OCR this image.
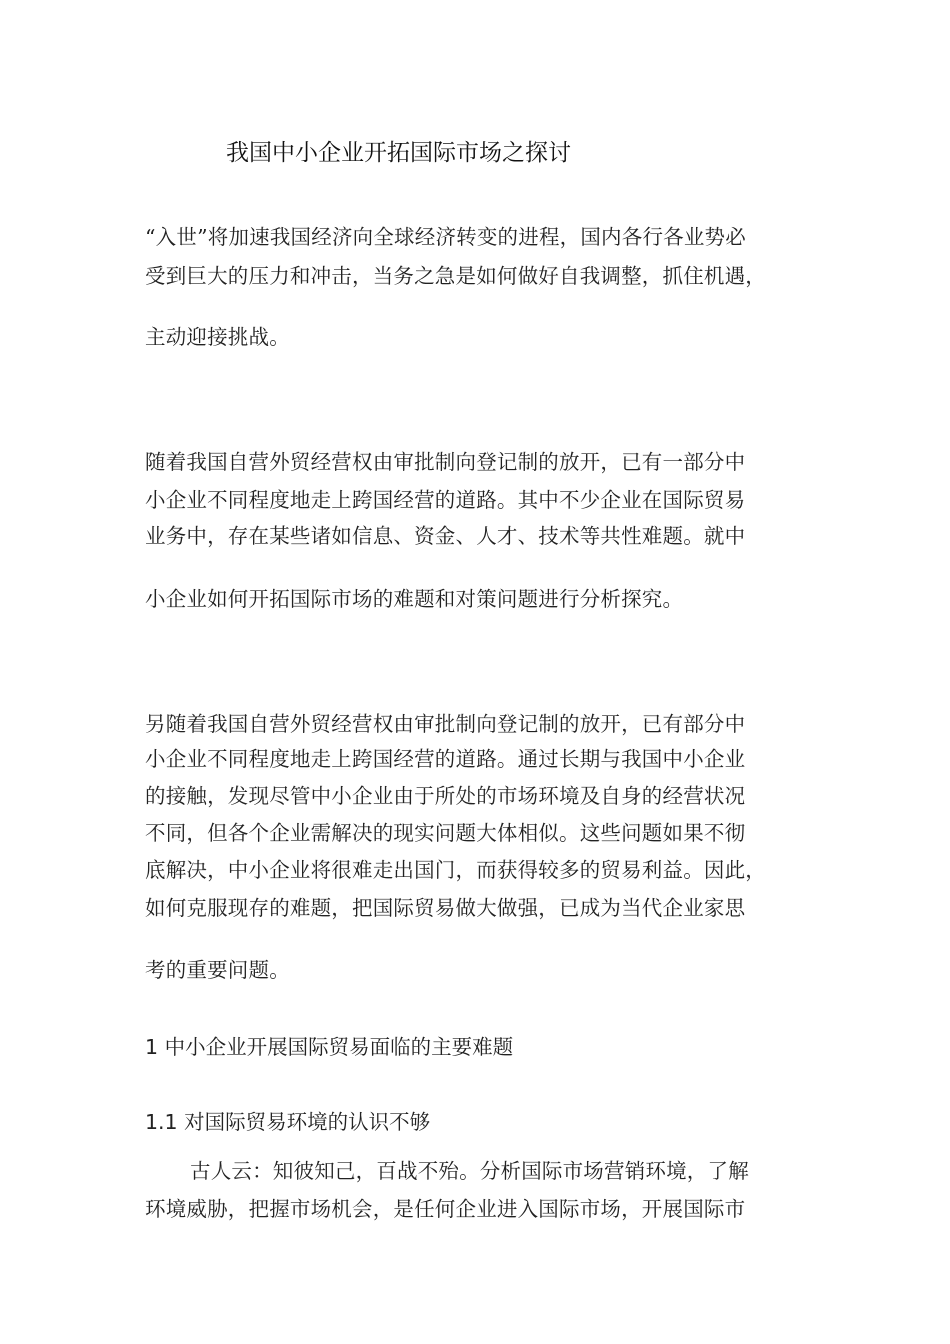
我国中小企业开拓国际市场之探讨
“入世”将加速我国经济向全球经济转变的进程，国内各行各业势必
受到巨大的压力和冲击，当务之急是如何做好自我调整，抓住机遇，
主动迎接挑战。
随着我国自营外贸经营权由审批制向登记制的放开，已有一部分中
小企业不同程度地走上跨国经营的道路。其中不少企业在国际贸易
业务中，存在某些诸如信息、资金、人才、技术等共性难题。就中
小企业如何开拓国际市场的难题和对策问题进行分析探究。
另随着我国自营外贸经营权由审批制向登记制的放开，已有部分中
小企业不同程度地走上跨国经营的道路。通过长期与我国中小企业
的接触，发现尽管中小企业由于所处的市场环境及自身的经营状况
不同，但各个企业需解决的现实问题大体相似。这些问题如果不彻
底解决，中小企业将很难走出国门，而获得较多的贸易利益。因此，
如何克服现存的难题，把国际贸易做大做强，已成为当代企业家思
考的重要问题。
1 中小企业开展国际贸易面临的主要难题
1.1 对国际贸易环境的认识不够
古人云：知彼知己，百战不殆。分析国际市场营销环境，了解
环境威胁，把握市场机会，是任何企业进入国际市场，开展国际市
